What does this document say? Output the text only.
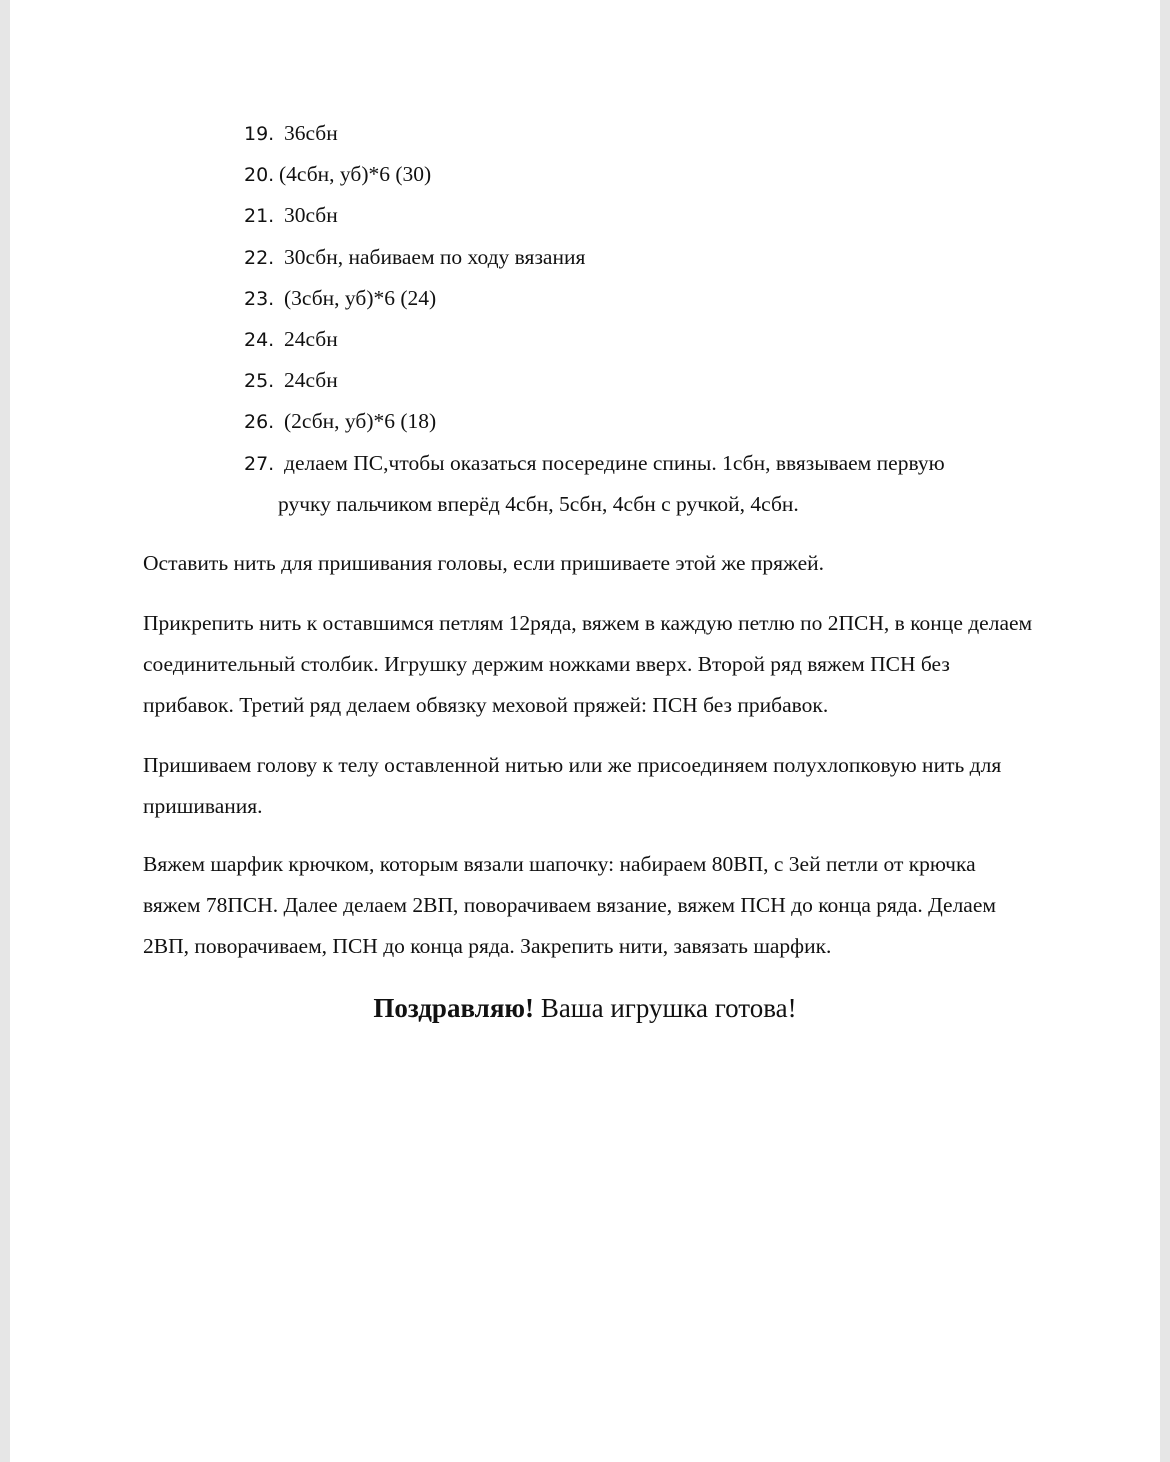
19. 36сбн
20. (4сбн, уб)*6 (30)
21. 30сбн
22. 30сбн, набиваем по ходу вязания
23. (3сбн, уб)*6 (24)
24. 24сбн
25. 24сбн
26. (2сбн, уб)*6 (18)
27. делаем ПС,чтобы оказаться посередине спины. 1сбн, ввязываем первую
ручку пальчиком вперёд 4сбн, 5сбн, 4сбн с ручкой, 4сбн.

Оставить нить для пришивания головы, если пришиваете этой же пряжей.

Прикрепить нить к оставшимся петлям 12ряда, вяжем в каждую петлю по 2ПСН, в конце делаем соединительный столбик. Игрушку держим ножками вверх. Второй ряд вяжем ПСН без прибавок. Третий ряд делаем обвязку меховой пряжей: ПСН без прибавок.

Пришиваем голову к телу оставленной нитью или же присоединяем полухлопковую нить для пришивания.

Вяжем шарфик крючком, которым вязали шапочку: набираем 80ВП, с 3ей петли от крючка вяжем 78ПСН. Далее делаем 2ВП, поворачиваем вязание, вяжем ПСН до конца ряда. Делаем 2ВП, поворачиваем, ПСН до конца ряда. Закрепить нити, завязать шарфик.

Поздравляю! Ваша игрушка готова!
